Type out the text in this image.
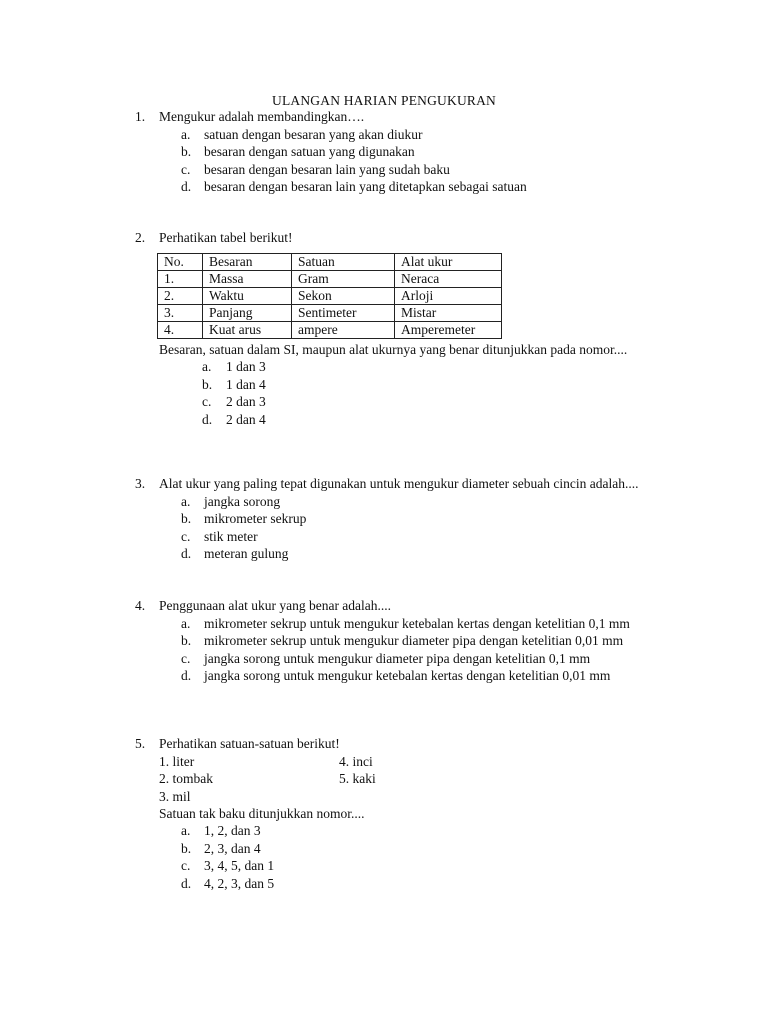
ULANGAN HARIAN PENGUKURAN
1.	Mengukur adalah membandingkan….
a.	satuan dengan besaran yang akan diukur
b. besaran dengan satuan yang digunakan
c.	besaran dengan besaran lain yang sudah baku
d. besaran dengan besaran lain yang ditetapkan sebagai satuan
2.	Perhatikan tabel berikut!
No.	Besaran	Satuan	Alat ukur
1.	Massa	Gram	Neraca
2.	Waktu	Sekon	Arloji
3.	Panjang	Sentimeter	Mistar
4.	Kuat arus	ampere	Amperemeter
Besaran, satuan dalam SI, maupun alat ukurnya yang benar ditunjukkan pada nomor....
a.	1 dan 3
b.	1 dan 4
c.	2 dan 3
d.	2 dan 4
3.	Alat ukur yang paling tepat digunakan untuk mengukur diameter sebuah cincin adalah....
a.	jangka sorong
b. mikrometer sekrup
c.	stik meter
d. meteran gulung
4.	Penggunaan alat ukur yang benar adalah....
a.	mikrometer sekrup untuk mengukur ketebalan kertas dengan ketelitian 0,1 mm
b. mikrometer sekrup untuk mengukur diameter pipa dengan ketelitian 0,01 mm
c.	jangka sorong untuk mengukur diameter pipa dengan ketelitian 0,1 mm
d. jangka sorong untuk mengukur ketebalan kertas dengan ketelitian 0,01 mm
5.	Perhatikan satuan-satuan berikut!
1. liter
2. tombak
3. mil
4. inci
5. kaki
Satuan tak baku ditunjukkan nomor....
a.	1, 2, dan 3
b. 2, 3, dan 4
c.	3, 4, 5, dan 1
d. 4, 2, 3, dan 5
